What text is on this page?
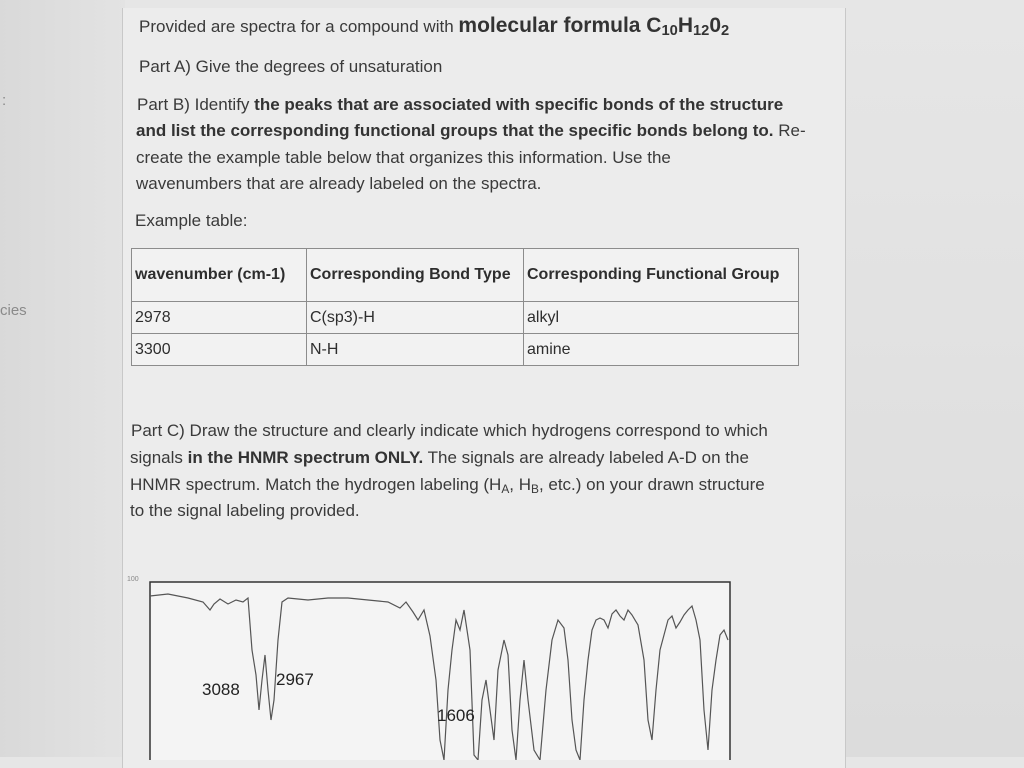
:
cies
Provided are spectra for a compound with molecular formula $C_{10}H_{12}0_2$
Part A) Give the degrees of unsaturation
Part B) Identify the peaks that are associated with specific bonds of the structure
and list the corresponding functional groups that the specific bonds belong to. Re-
create the example table below that organizes this information. Use the
wavenumbers that are already labeled on the spectra.
Example table:
wavenumber (cm-1)	Corresponding Bond Type	Corresponding Functional Group
2978	C(sp3)-H	alkyl
3300	N-H	amine
Part C) Draw the structure and clearly indicate which hydrogens correspond to which
signals in the HNMR spectrum ONLY. The signals are already labeled A-D on the
HNMR spectrum. Match the hydrogen labeling ($H_A$, $H_B$, etc.) on your drawn structure
to the signal labeling provided.
100
3088
2967
1606
